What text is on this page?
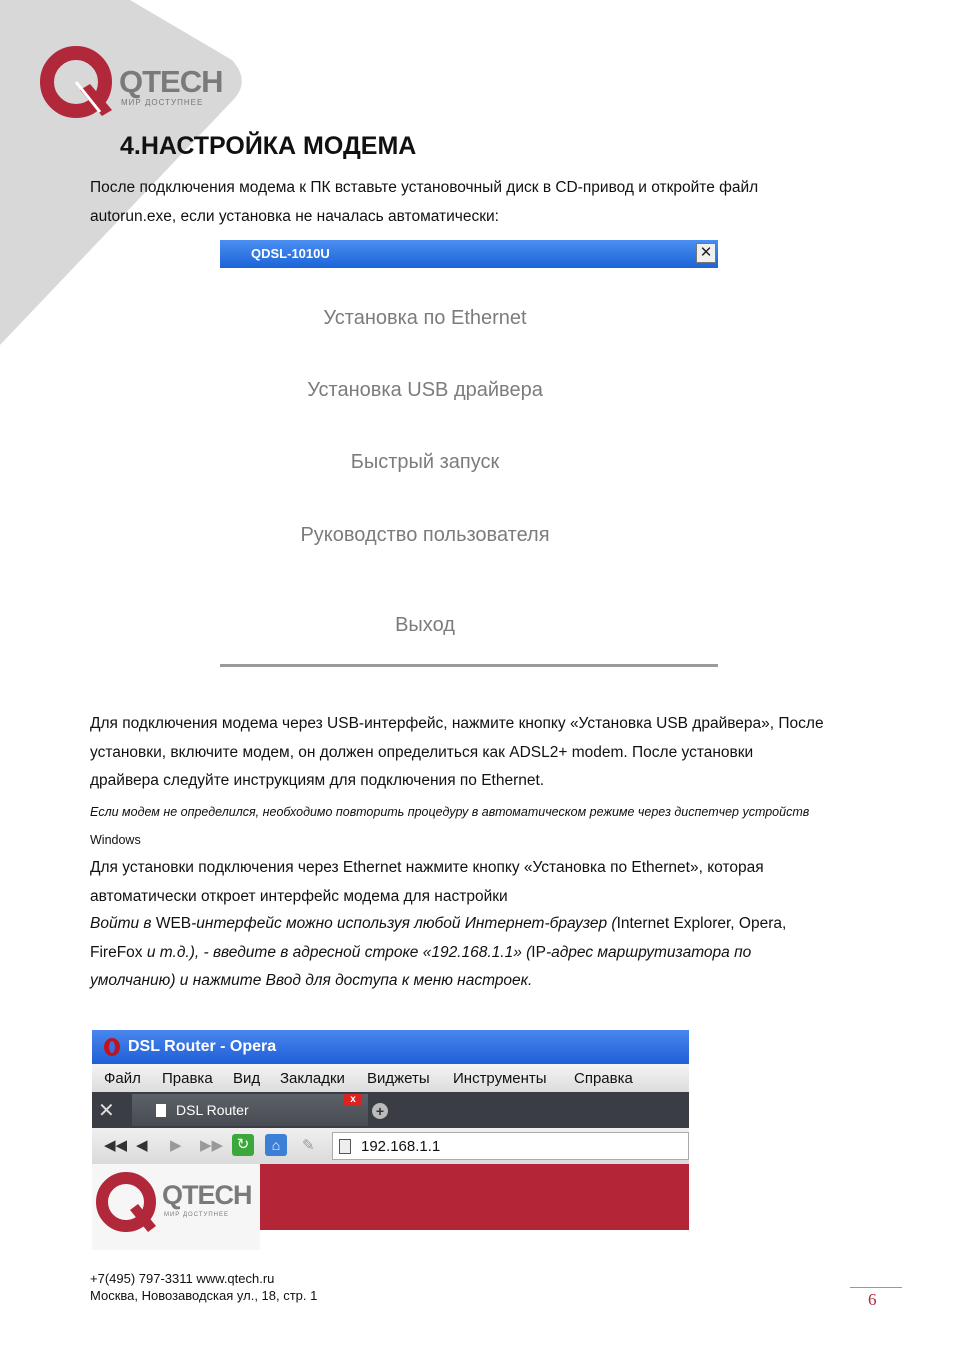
QTECH
МИР ДОСТУПНЕЕ
4.НАСТРОЙКА МОДЕМА

После подключения модема к ПК вставьте установочный диск в CD-привод и откройте файл
autorun.exe, если установка не началась автоматически:

QDSL-1010U	✕
Установка по Ethernet
Установка USB драйвера
Быстрый запуск
Руководство пользователя
Выход

Для подключения модема через USB-интерфейс, нажмите кнопку «Установка USB драйвера», После
установки, включите модем, он должен определиться как ADSL2+ modem. После установки
драйвера следуйте инструкциям для подключения по Ethernet.

Если модем не определился, необходимо повторить процедуру в автоматическом режиме через диспетчер устройств

Windows

Для установки подключения через Ethernet нажмите кнопку «Установка по Ethernet», которая
автоматически откроет интерфейс модема для настройки

Войти в WEB-интерфейс можно используя любой Интернет-браузер (Internet Explorer, Opera,
FireFox и т.д.), - введите в адресной строке «192.168.1.1» (IP-адрес маршрутизатора по
умолчанию) и нажмите Ввод для доступа к меню настроек.

DSL Router - Opera
Файл Правка Вид Закладки Виджеты Инструменты Справка
✕	DSL Router
x
+
◀◀ ◀ ▶ ▶▶ ↻	⌂	✎	192.168.1.1
QTECH
МИР ДОСТУПНЕЕ

+7(495) 797-3311 www.qtech.ru
Москва, Новозаводская ул., 18, стр. 1	6
